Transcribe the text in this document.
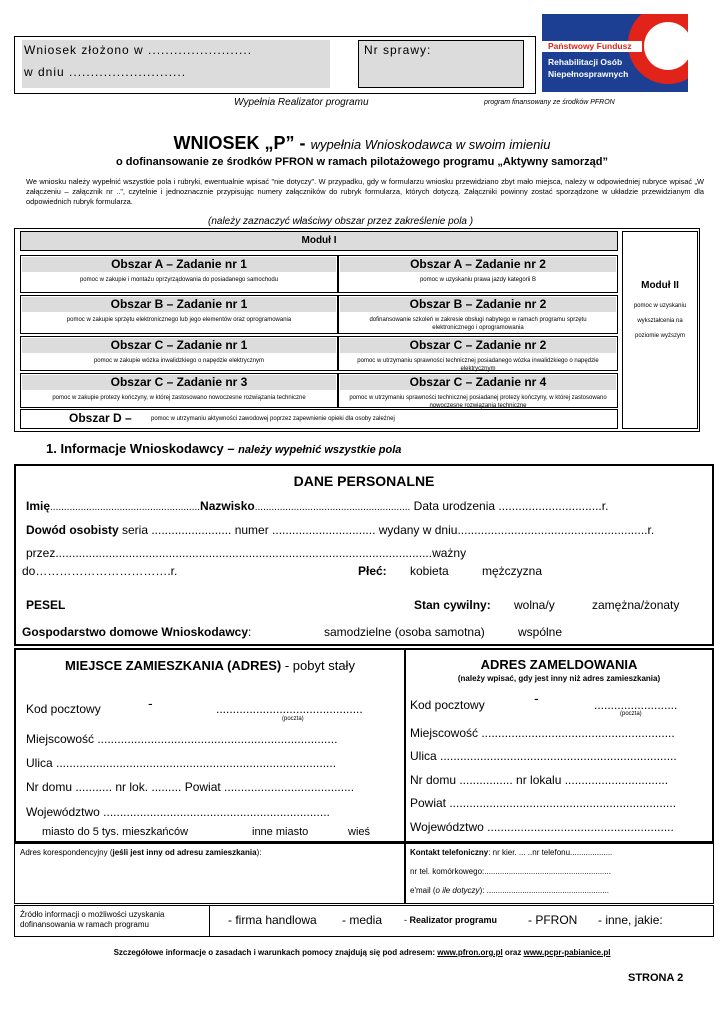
Wniosek złożono w ........................
w dniu ...........................
Nr sprawy:	Państwowy Fundusz
Rehabilitacji Osób
Niepełnosprawnych
Wypełnia Realizator programu	program finansowany ze środków PFRON
WNIOSEK „P” - wypełnia Wnioskodawca w swoim imieniu
o dofinansowanie ze środków PFRON w ramach pilotażowego programu „Aktywny samorząd”
We wniosku należy wypełnić wszystkie pola i rubryki, ewentualnie wpisać "nie dotyczy". W przypadku, gdy w formularzu wniosku przewidziano zbyt mało miejsca, należy w odpowiedniej rubryce wpisać „W załączeniu – załącznik nr ..”, czytelnie i jednoznacznie przypisując numery załączników do rubryk formularza, których dotyczą. Załączniki powinny zostać sporządzone w układzie przewidzianym dla odpowiednich rubryk formularza.
(należy zaznaczyć właściwy obszar przez zakreślenie pola )
Moduł I
Moduł II
pomoc w uzyskaniu wykształcenia na poziomie wyższym
Obszar A – Zadanie nr 1
pomoc w zakupie i montażu oprzyrządowania do posiadanego samochodu
Obszar A – Zadanie nr 2
pomoc w uzyskaniu prawa jazdy kategorii B
Obszar B – Zadanie nr 1
pomoc w zakupie sprzętu elektronicznego lub jego elementów oraz oprogramowania
Obszar B – Zadanie nr 2
dofinansowanie szkoleń w zakresie obsługi nabytego w ramach programu sprzętu elektronicznego i oprogramowania
Obszar C – Zadanie nr 1
pomoc w zakupie wózka inwalidzkiego o napędzie elektrycznym
Obszar C – Zadanie nr 2
pomoc w utrzymaniu sprawności technicznej posiadanego wózka inwalidzkiego o napędzie elektrycznym
Obszar C – Zadanie nr 3
pomoc w zakupie protezy kończyny, w której zastosowano nowoczesne rozwiązania techniczne
Obszar C – Zadanie nr 4
pomoc w utrzymaniu sprawności technicznej posiadanej protezy kończyny, w której zastosowano nowoczesne rozwiązania techniczne
Obszar D –	pomoc w utrzymaniu aktywności zawodowej poprzez zapewnienie opieki dla osoby zależnej
1. Informacje Wnioskodawcy – należy wypełnić wszystkie pola
DANE PERSONALNE
Imię......................................................Nazwisko........................................................ Data urodzenia ...............................r.
Dowód osobisty seria ........................ numer ............................... wydany w dniu.........................................................r.
przez.................................................................................................................ważny
do…………………………….r.	Płeć: kobieta	mężczyzna
PESEL	Stan cywilny: wolna/y	zamężna/żonaty
Gospodarstwo domowe Wnioskodawcy:	samodzielne (osoba samotna)	wspólne
MIEJSCE ZAMIESZKANIA (ADRES) - pobyt stały
Kod pocztowy	-	............................................
(poczta)
Miejscowość ........................................................................
Ulica ....................................................................................
Nr domu ........... nr lok. ......... Powiat .......................................
Województwo ....................................................................
miasto do 5 tys. mieszkańców	inne miasto	wieś
ADRES ZAMELDOWANIA
(należy wpisać, gdy jest inny niż adres zamieszkania)
Kod pocztowy	-	.........................
(poczta)
Miejscowość ..........................................................
Ulica .......................................................................
Nr domu ................ nr lokalu ...............................
Powiat ....................................................................
Województwo ........................................................
Adres korespondencyjny (jeśli jest inny od adresu zamieszkania):	Kontakt telefoniczny: nr kier. ... ..nr telefonu...................
nr tel. komórkowego:.........................................................
e'mail (o ile dotyczy): .......................................................
Źródło informacji o możliwości uzyskania dofinansowania w ramach programu	- firma handlowa - media - Realizator programu	- PFRON - inne, jakie:
Szczegółowe informacje o zasadach i warunkach pomocy znajdują się pod adresem: www.pfron.org.pl oraz www.pcpr-pabianice.pl
STRONA 2
